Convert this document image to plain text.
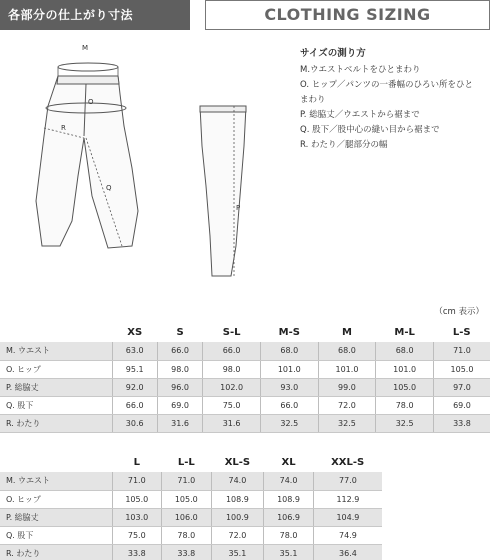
各部分の仕上がり寸法	CLOTHING SIZING
M
O
R
Q
P
サイズの測り方
M.ウエストベルトをひとまわり
O. ヒップ／パンツの一番幅のひろい所をひと
まわり
P. 総脇丈／ウエストから裾まで
Q. 股下／股中心の縫い目から裾まで
R. わたり／腿部分の幅
（cm 表示）
	XS	S	S-L	M-S	M	M-L	L-S
M. ウエスト	63.0	66.0	66.0	68.0	68.0	68.0	71.0
O. ヒップ	95.1	98.0	98.0	101.0	101.0	101.0	105.0
P. 総脇丈	92.0	96.0	102.0	93.0	99.0	105.0	97.0
Q. 股下	66.0	69.0	75.0	66.0	72.0	78.0	69.0
R. わたり	30.6	31.6	31.6	32.5	32.5	32.5	33.8
	L	L-L	XL-S	XL	XXL-S
M. ウエスト	71.0	71.0	74.0	74.0	77.0
O. ヒップ	105.0	105.0	108.9	108.9	112.9
P. 総脇丈	103.0	106.0	100.9	106.9	104.9
Q. 股下	75.0	78.0	72.0	78.0	74.9
R. わたり	33.8	33.8	35.1	35.1	36.4
